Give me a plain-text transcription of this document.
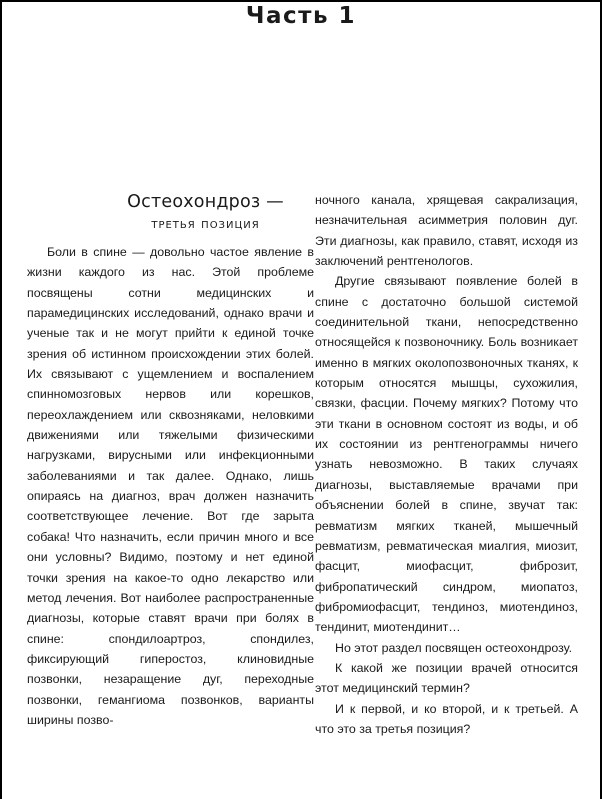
Часть 1
Остеохондроз —
третья позиция

Боли в спине — довольно частое явление в жизни каждого из нас. Этой проблеме посвящены сотни медицинских и парамедицинских исследований, однако врачи и ученые так и не могут прийти к единой точке зрения об истинном происхождении этих болей. Их связывают с ущемлением и воспалением спинномозговых нервов или корешков, переохлаждением или сквозняками, неловкими движениями или тяжелыми физическими нагрузками, вирусными или инфекционными заболеваниями и так далее. Однако, лишь опираясь на диагноз, врач должен назначить соответствующее лечение. Вот где зарыта собака! Что назначить, если причин много и все они условны? Видимо, поэтому и нет единой точки зрения на какое-то одно лекарство или метод лечения. Вот наиболее распространенные диагнозы, которые ставят врачи при болях в спине: спондилоартроз, спондилез, фиксирующий гиперостоз, клиновидные позвонки, незаращение дуг, переходные позвонки, гемангиома позвонков, варианты ширины позво-

ночного канала, хрящевая сакрализация, незначительная асимметрия половин дуг. Эти диагнозы, как правило, ставят, исходя из заключений рентгенологов.

Другие связывают появление болей в спине с достаточно большой системой соединительной ткани, непосредственно относящейся к позвоночнику. Боль возникает именно в мягких околопозвоночных тканях, к которым относятся мышцы, сухожилия, связки, фасции. Почему мягких? Потому что эти ткани в основном состоят из воды, и об их состоянии из рентгенограммы ничего узнать невозможно. В таких случаях диагнозы, выставляемые врачами при объяснении болей в спине, звучат так: ревматизм мягких тканей, мышечный ревматизм, ревматическая миалгия, миозит, фасцит, миофасцит, фиброзит, фибропатический синдром, миопатоз, фибромиофасцит, тендиноз, миотендиноз, тендинит, миотендинит…

Но этот раздел посвящен остеохондрозу.

К какой же позиции врачей относится этот медицинский термин?

И к первой, и ко второй, и к третьей. А что это за третья позиция?
